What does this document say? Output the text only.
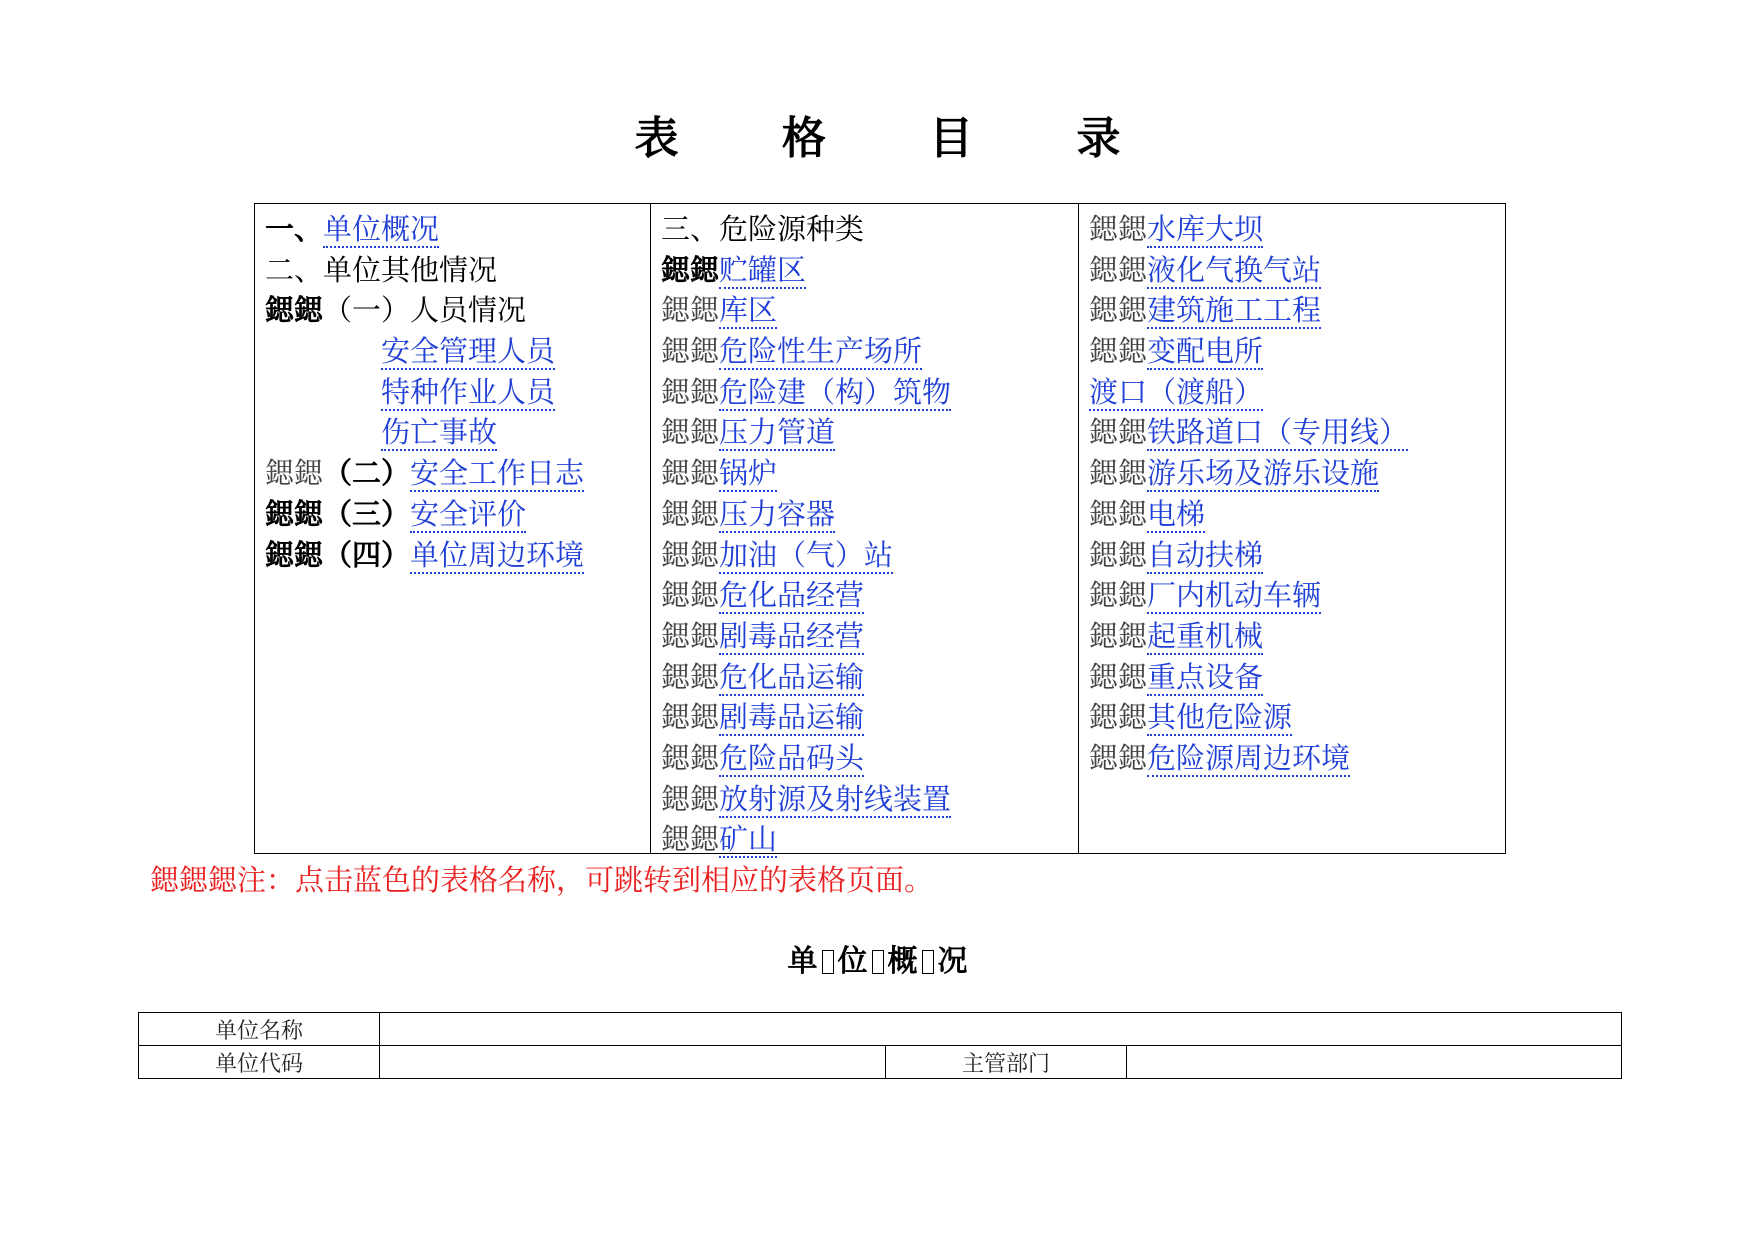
表 格 目 录
一、单位概况
二、单位其他情况
鍶鍶（一）人员情况
安全管理人员
特种作业人员
伤亡事故
鍶鍶（二）安全工作日志
鍶鍶（三）安全评价
鍶鍶（四）单位周边环境
三、危险源种类
鍶鍶贮罐区
鍶鍶库区
鍶鍶危险性生产场所
鍶鍶危险建（构）筑物
鍶鍶压力管道
鍶鍶锅炉
鍶鍶压力容器
鍶鍶加油（气）站
鍶鍶危化品经营
鍶鍶剧毒品经营
鍶鍶危化品运输
鍶鍶剧毒品运输
鍶鍶危险品码头
鍶鍶放射源及射线装置
鍶鍶矿山
鍶鍶水库大坝
鍶鍶液化气换气站
鍶鍶建筑施工工程
鍶鍶变配电所
渡口（渡船）
鍶鍶铁路道口（专用线）
鍶鍶游乐场及游乐设施
鍶鍶电梯
鍶鍶自动扶梯
鍶鍶厂内机动车辆
鍶鍶起重机械
鍶鍶重点设备
鍶鍶其他危险源
鍶鍶危险源周边环境
鍶鍶鍶注：点击蓝色的表格名称，可跳转到相应的表格页面。
单 位 概 况
单位名称			
单位代码		主管部门	
